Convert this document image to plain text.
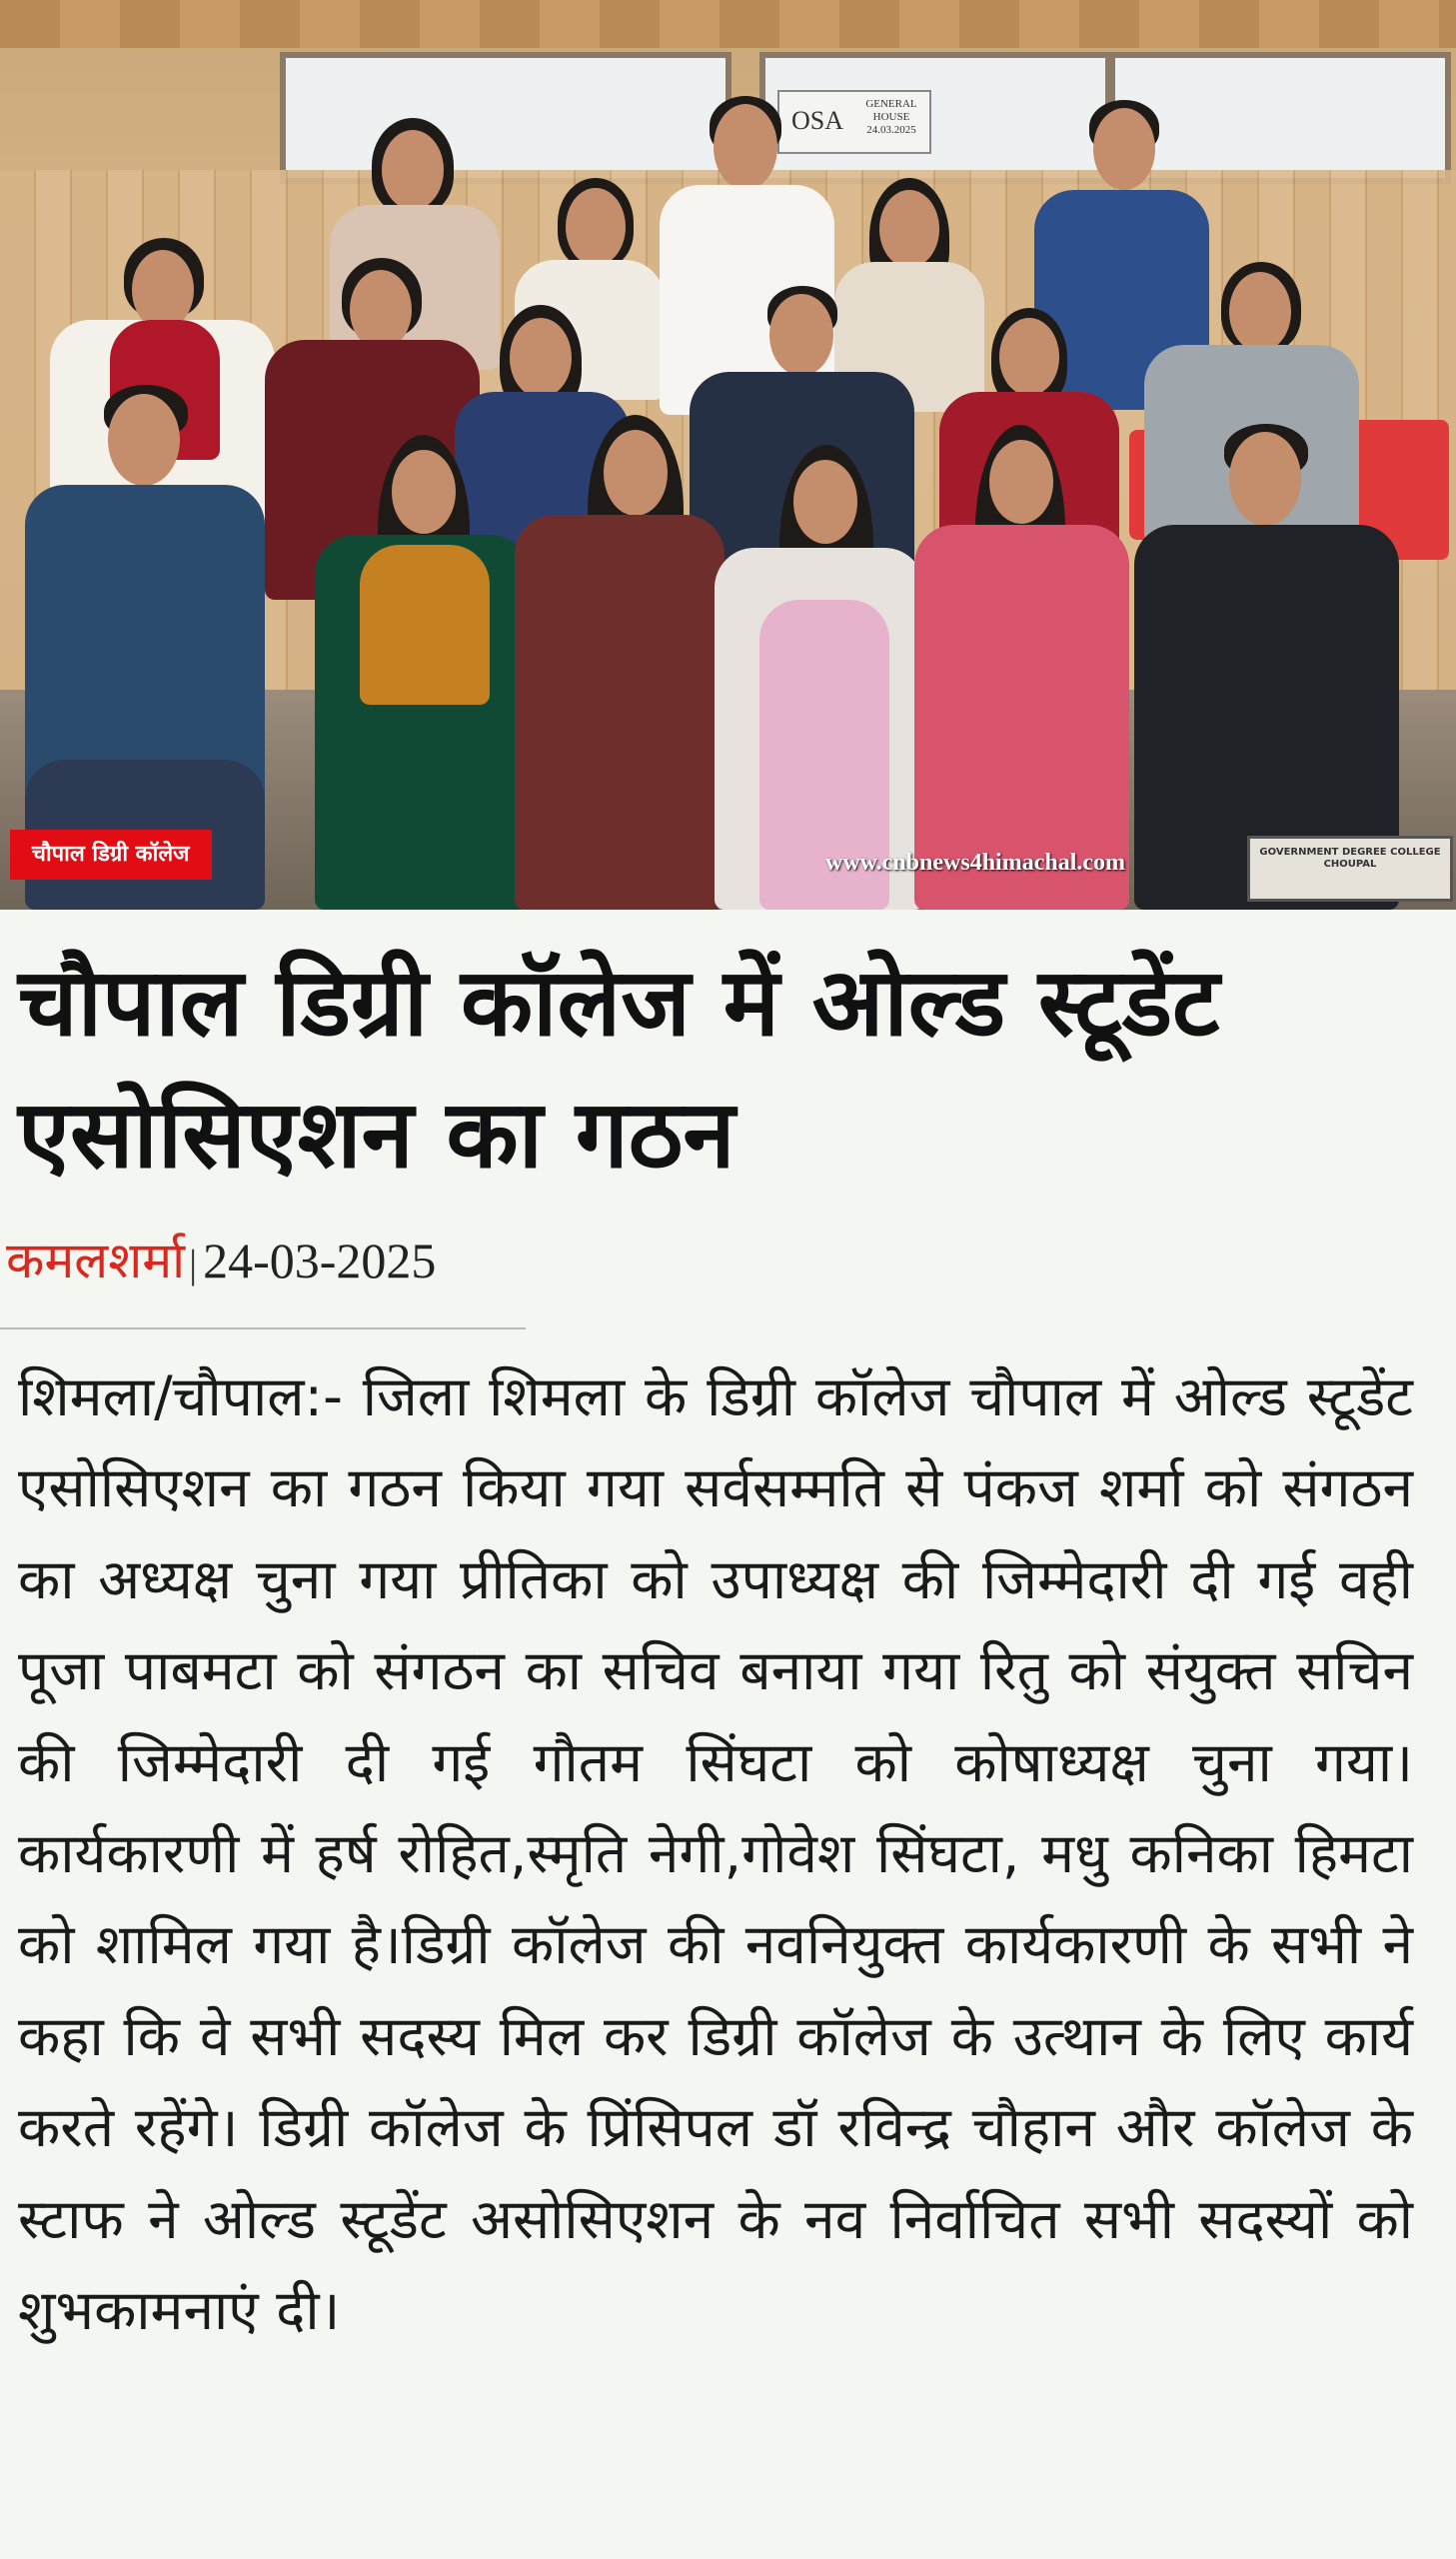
OSA
GENERAL
HOUSE
24.03.2025
चौपाल डिग्री कॉलेज	www.cnbnews4himachal.com	GOVERNMENT DEGREE COLLEGE CHOUPAL
चौपाल डिग्री कॉलेज में ओल्ड स्टूडेंट एसोसिएशन का गठन
कमलशर्मा | 24-03-2025

शिमला/चौपाल:- जिला शिमला के डिग्री कॉलेज चौपाल में ओल्ड स्टूडेंट एसोसिएशन का गठन किया गया सर्वसम्मति से पंकज शर्मा को संगठन का अध्यक्ष चुना गया प्रीतिका को उपाध्यक्ष की जिम्मेदारी दी गई वही पूजा पाबमटा को संगठन का सचिव बनाया गया रितु को संयुक्त सचिन की जिम्मेदारी दी गई गौतम सिंघटा को कोषाध्यक्ष चुना गया। कार्यकारणी में हर्ष रोहित,स्मृति नेगी,गोवेश सिंघटा, मधु कनिका हिमटा को शामिल गया है।डिग्री कॉलेज की नवनियुक्त कार्यकारणी के सभी ने कहा कि वे सभी सदस्य मिल कर डिग्री कॉलेज के उत्थान के लिए कार्य करते रहेंगे। डिग्री कॉलेज के प्रिंसिपल डॉ रविन्द्र चौहान और कॉलेज के स्टाफ ने ओल्ड स्टूडेंट असोसिएशन के नव निर्वाचित सभी सदस्यों को शुभकामनाएं दी।
